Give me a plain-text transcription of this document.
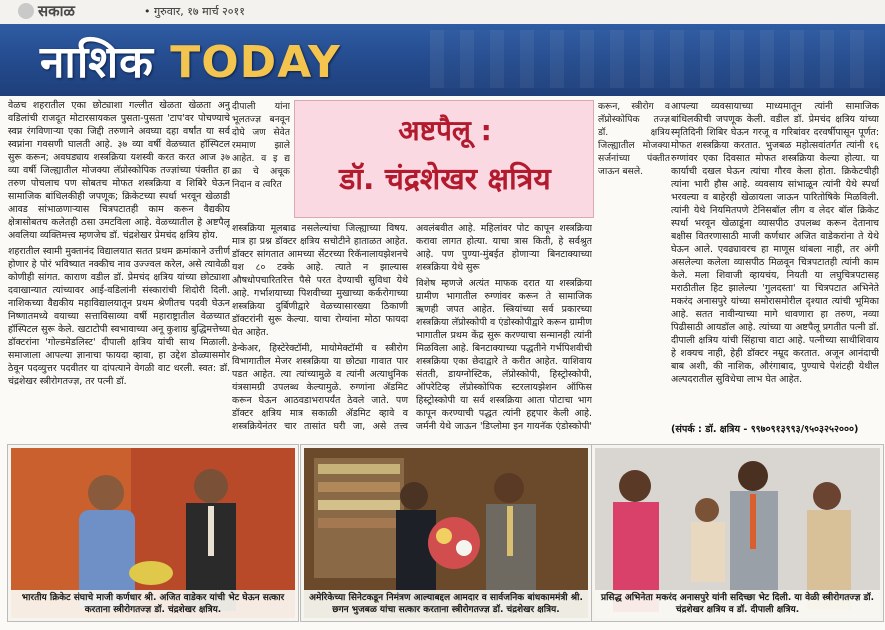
सकाळ	• गुरुवार, १७ मार्च २०११
नाशिक TODAY

वेळच शहरातील एका छोट्याशा गल्लीत खेळता खेळता अनु वडिलांची राजदूत मोटारसायकल पुसता-पुसता 'टाप'वर पोचण्याचे स्वप्न रंगविणाऱ्या एका जिद्दी तरुणाने अवघ्या दहा वर्षांत या सर्व स्वप्नांना गवसणी घालती आहे. ३७ व्या वर्षी वेळच्यात हॉस्पिटल सुरू करून; अवघड्याय शस्त्रक्रिया यशस्वी करत करत आज ३७ व्या वर्षी जिल्ह्यातील मोजक्या लॅप्रोस्कोपिक तज्ज्ञांच्या पंक्तीत हा तरुण पोचलाच पण सोबतच मोफत शस्त्रक्रिया व शिबिरे घेऊन सामाजिक बांधिलकीही जपणूक; क्रिकेटच्या स्पर्धा भरवून खेळाडी आवड सांभाळणाऱ्यास चित्रपटातही काम करून वैद्यकीय क्षेत्रासोबतच कलेतही ठसा उमटविला आहे. वेळच्यातील हे अष्टपैलू अवलिया व्यक्तिमत्त्व म्हणजेच डॉ. चंद्रशेखर प्रेमचंद क्षत्रिय होय.

शहरातील स्वामी मुक्तानंद विद्यालयात सतत प्रथम क्रमांकाने उत्तीर्ण होणार हे पोरं भविष्यात नक्कीच नाव उज्ज्वल करेल, असे त्यावेळी कोणीही सांगत. काराण वडील डॉ. प्रेमचंद क्षत्रिय यांच्या छोट्याशा दवाखान्यात त्यांच्यावर आई-वडिलांनी संस्कारांची शिदोरी दिली. नाशिकच्या वैद्यकीय महाविद्यालयातून प्रथम श्रेणीतच पदवी घेऊन निष्णातमध्ये वयाच्या सत्ताविसाव्या वर्षी महाराष्ट्रातील वेळच्यात हॉस्पिटल सुरू केले. खटाटोपी स्वभावाच्या अनू कुशाग्र बुद्धिमत्तेच्या डॉक्टरांना 'गोल्डमेडलिस्ट' दीपाली क्षत्रिय यांची साथ मिळाली. समाजाला आपल्या ज्ञानाचा फायदा व्हावा, हा उद्देश डोळ्यासमोर ठेवून पदव्युत्तर पदवीतर या दांपत्याने वेगळी वाट धरली. स्वत: डॉ. चंद्रशेखर स्त्रीरोगतज्ज्ञ, तर पत्नी डॉ.

दीपाली यांना भूलतज्ज्ञ बनवून दोघे जण सेवेत रममाण झाले आहेत. व इ द्य क्रा चे अचूक निदान व त्वरित
अष्टपैलू :
डॉ. चंद्रशेखर क्षत्रिय
करून, स्त्रीरोग व लॅप्रोस्कोपिक तज्ज्ञ डॉ. क्षत्रिय जिल्ह्यातील मोजक्या सर्जनांच्या पंक्तीत जाऊन बसले.

शस्त्रक्रिया मूलबाढ नसलेल्यांचा जिल्ह्याच्या विषय. मात्र हा प्रश्न डॉक्टर क्षत्रिय सचोटीने हाताळत आहेत. डॉक्टर सांगतात आमच्या सेंटरच्या रिकॅनालायझेशनचे यश ८० टक्के आहे. त्याते न झाल्यास औषधोपचारितरित्त पैसे परत देण्याची सुविधा येथे आहे. गर्भाशयाच्या पिशवीच्या मुखाच्या कर्करोगाच्या शस्त्रक्रिया दुर्बिणीद्वारे वेळच्यासारख्या ठिकाणी डॉक्टरांनी सुरू केल्या. याचा रोग्यांना मोठा फायदा घेत आहेत.

डेन्केअर, हिस्टेरेक्टॉमी, मायोमेक्टॉमी व स्त्रीरोग विभागातील मेजर शस्त्रक्रिया या छोट्या गावात पार पडत आहेत. त्या त्यांच्यामुळे व त्यांनी अत्याधुनिक यंत्रसामग्री उपलब्ध केल्यामुळे. रुग्णांना ॲडमिट करून घेऊन आठवडाभरापर्यंत ठेवले जाते. पण डॉक्टर क्षत्रिय मात्र सकाळी ॲडमिट व्हावे व शस्त्रक्रियेनंतर चार तासांत घरी जा, असे तत्त्व अवलंबवीत आहे. महिलांवर पोट कापून शस्त्रक्रिया करावा लागत होत्या. याचा त्रास किती, हे सर्वश्रुत आहे. पण पुण्या-मुंबईत होणाऱ्या बिनटाक्याच्या शस्त्रक्रिया येथे सुरू

विशेष म्हणजे अत्यंत माफक दरात या शस्त्रक्रिया ग्रामीण भागातील रुग्णांवर करून ते सामाजिक ऋणही जपत आहेत. स्त्रियांच्या सर्व प्रकारच्या शस्त्रक्रिया लॅप्रोस्कोपी व एंडोस्कोपीद्वारे करून ग्रामीण भागातील प्रथम केंद्र सुरू करण्याचा सन्मानही त्यांनी मिळविला आहे. बिनटाक्याच्या पद्धतीने गर्भपिशवीची शस्त्रक्रिया एका छेदाद्वारे ते करीत आहेत. याशिवाय संतती, डायग्नोस्टिक, लॅप्रोस्कोपी, हिस्ट्रोस्कोपी, ऑपरेटिव्ह लॅप्रोस्कोपिक स्टरलायझेशन ऑफिस हिस्ट्रोस्कोपी या सर्व शस्त्रक्रिया आता पोटाचा भाग कापून करण्याची पद्धत त्यांनी हद्दपार केली आहे. जर्मनी येथे जाऊन 'डिप्लोमा इन गायनॅक एंडोस्कोपी'

आपल्या व्यवसायाच्या माध्यमातून त्यांनी सामाजिक बांधिलकीची जपणूक केली. वडील डॉ. प्रेमचंद क्षत्रिय यांच्या स्मृतिदिनी शिबिर घेऊन गरजू व गरिबांवर दरवर्षीपासून पूर्णत: मोफत शस्त्रक्रिया करतात. भुजबळ महोत्सवांतर्गत त्यांनी १६ रुग्णांवर एका दिवसात मोफत शस्त्रक्रिया केल्या होत्या. या कार्याची दखल घेऊन त्यांचा गौरव केला होता. क्रिकेटचीही त्यांना भारी हौस आहे. व्यवसाय सांभाळून त्यांनी येथे स्पर्धा भरवल्या व बाहेरही खेळायला जाऊन पारितोषिके मिळविली. त्यांनी येथे नियमितपणे टेनिसबॉल लीग व लेदर बॉल क्रिकेट स्पर्धा भरवून खेळाडूंना व्यासपीठ उपलब्ध करून देतानाच बक्षीस वितरणासाठी माजी कर्णधार अजित वाडेकरांना ते येथे घेऊन आले. एवढ्यावरच हा माणूस थांबला नाही, तर अंगी असलेल्या कलेला व्यासपीठ मिळवून चित्रपटातही त्यांनी काम केले. मला शिवाजी व्हायचंय, नियती या लघुचित्रपटासह मराठीतील हिट झालेल्या 'गुलदस्ता' या चित्रपटात अभिनेते मकरंद अनासपुरे यांच्या समोरासमोरील दृश्यात त्यांची भूमिका आहे. सतत नावीन्याच्या मागे धावणारा हा तरुण, नव्या पिढीसाठी आयडॉल आहे. त्यांच्या या अष्टपैलू प्रगतीत पत्नी डॉ. दीपाली क्षत्रिय यांची सिंहाचा वाटा आहे. पत्नीच्या साथीशिवाय हे शक्यच नाही, हेही डॉक्टर नम्रूद करतात. अजून आनंदाची बाब अशी, की नाशिक, औरंगाबाद, पुण्याचे पेशंटही येथील अल्पदरातील सुविधेचा लाभ घेत आहेत.

(संपर्क : डॉ. क्षत्रिय - ९९७०९१३९९३/९५०३२५२०००)
भारतीय क्रिकेट संघाचे माजी कर्णधार श्री. अजित वाडेकर यांची भेट घेऊन सत्कार करताना स्त्रीरोगतज्ज्ञ डॉ. चंद्रशेखर क्षत्रिय.
अमेरिकेच्या सिनेटकडून निमंत्रण आल्याबद्दल आमदार व सार्वजनिक बांधकाममंत्री श्री. छगन भुजबळ यांचा सत्कार करताना स्त्रीरोगतज्ज्ञ डॉ. चंद्रशेखर क्षत्रिय.
प्रसिद्ध अभिनेता मकरंद अनासपुरे यांनी सदिच्छा भेट दिली. या वेळी स्त्रीरोगतज्ज्ञ डॉ. चंद्रशेखर क्षत्रिय व डॉ. दीपाली क्षत्रिय.
